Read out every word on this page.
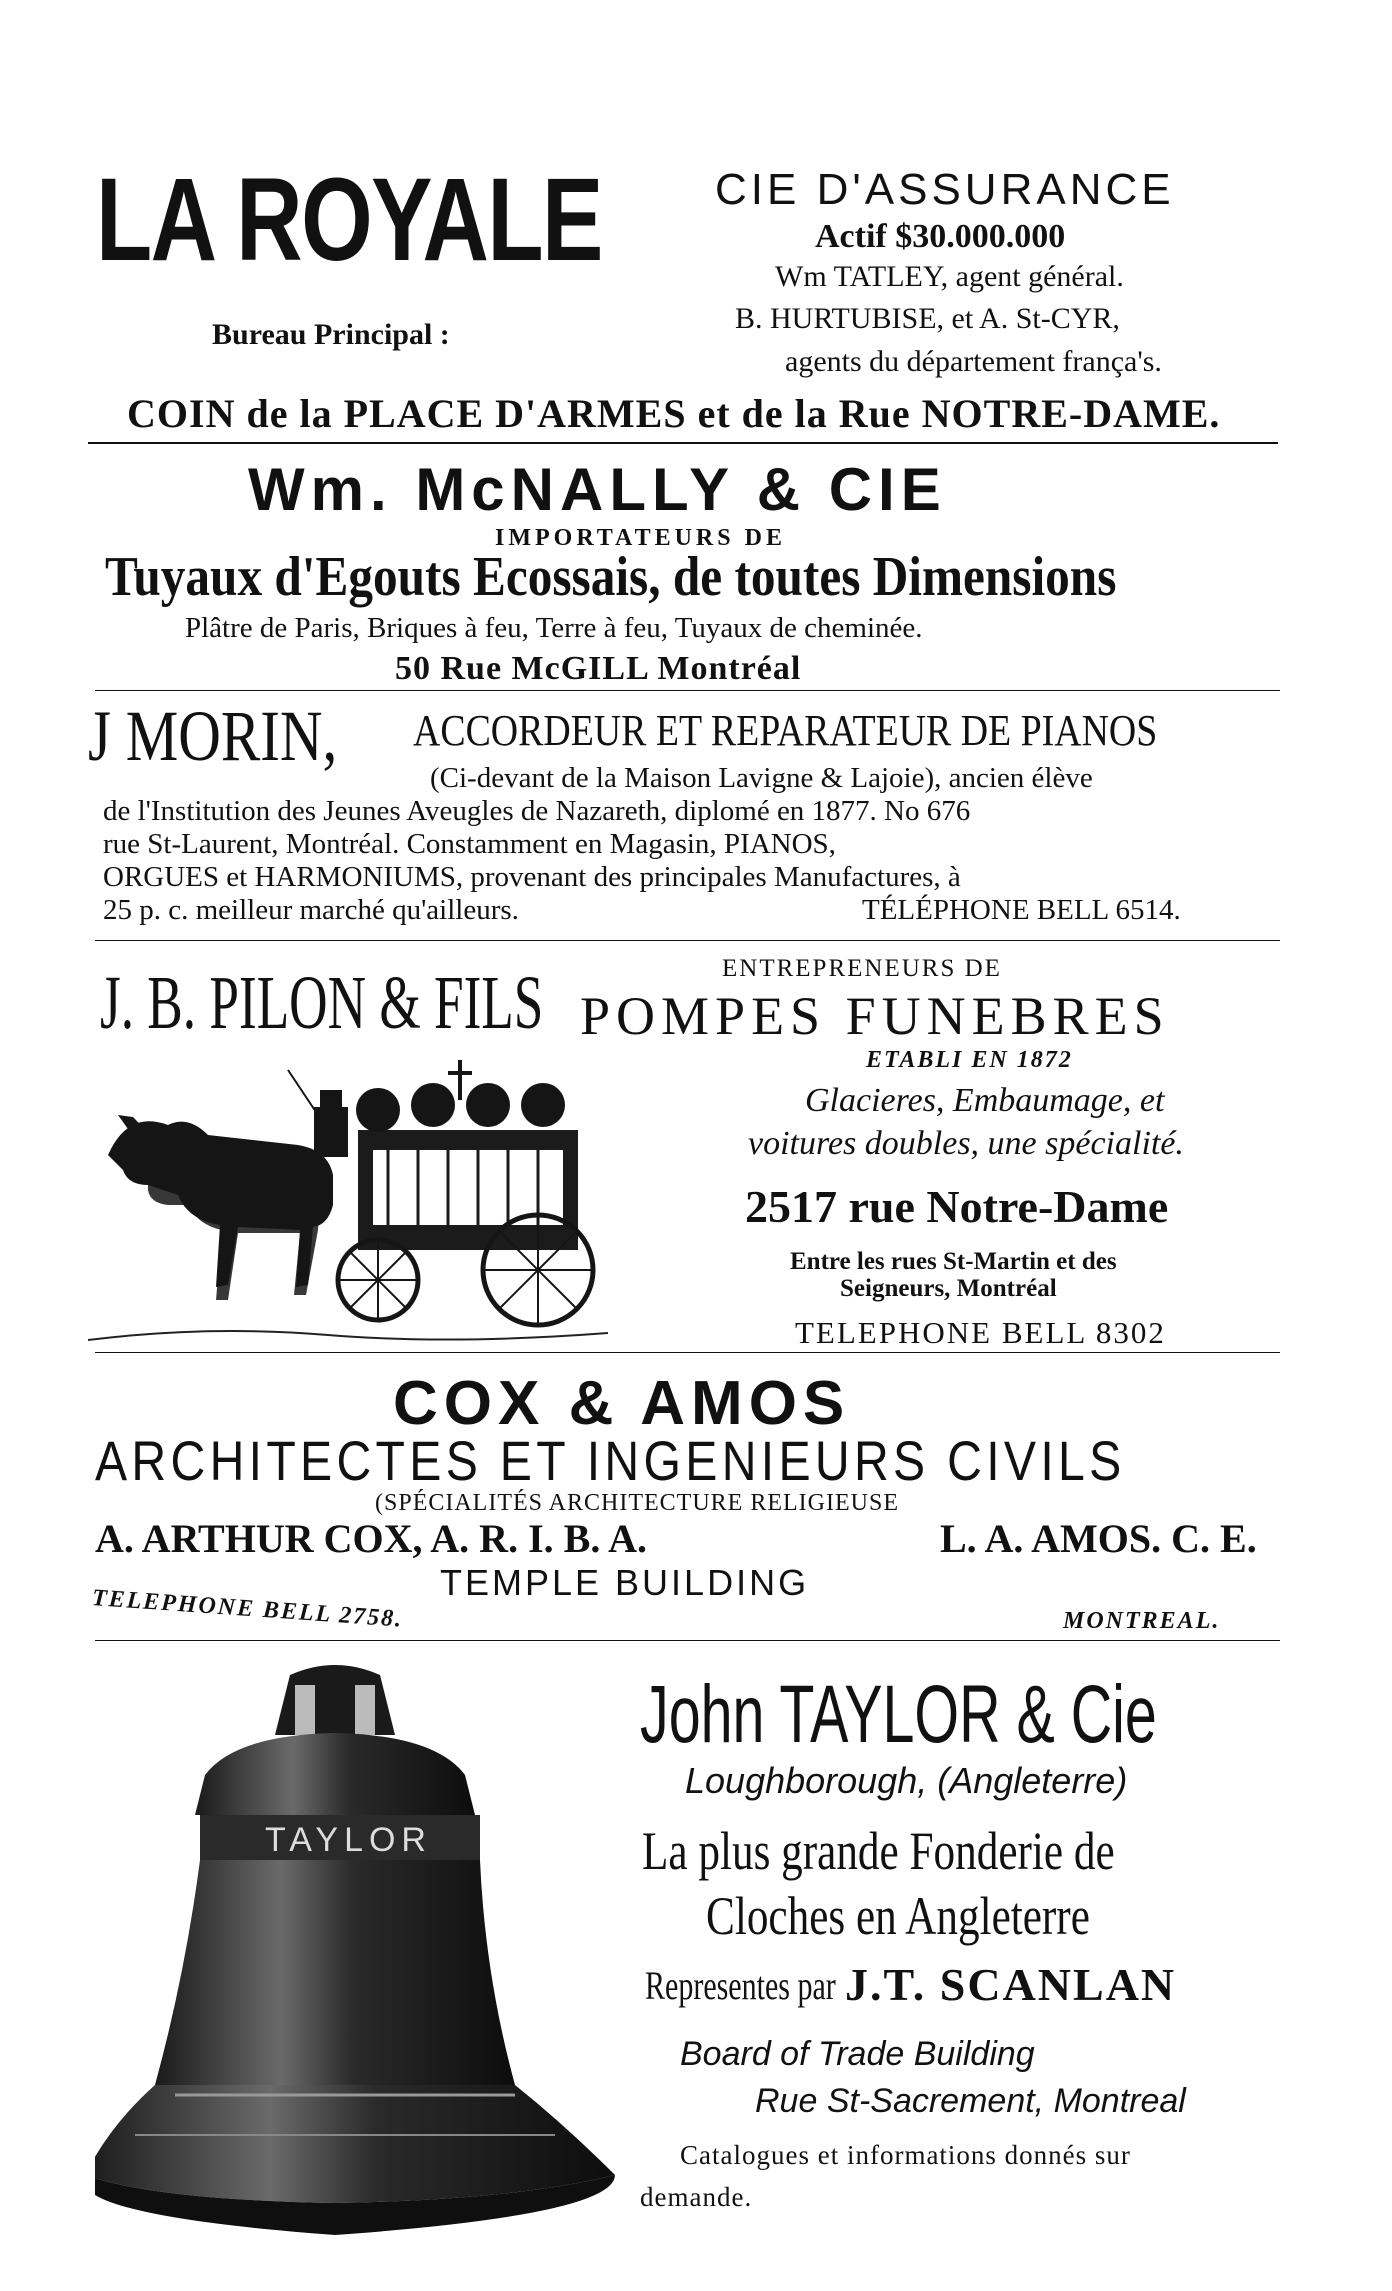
LA ROYALE	CIE D'ASSURANCE
Actif $30.000.000
Wm TATLEY, agent général.
Bureau Principal :	B. HURTUBISE, et A. St-CYR,
agents du département frança's.
COIN de la PLACE D'ARMES et de la Rue NOTRE-DAME.
Wm. McNALLY & CIE
IMPORTATEURS DE
Tuyaux d'Egouts Ecossais, de toutes Dimensions
Plâtre de Paris, Briques à feu, Terre à feu, Tuyaux de cheminée.
50 Rue McGILL Montréal
J MORIN, ACCORDEUR ET REPARATEUR DE PIANOS
(Ci-devant de la Maison Lavigne & Lajoie), ancien élève
de l'Institution des Jeunes Aveugles de Nazareth, diplomé en 1877. No 676
rue St-Laurent, Montréal. Constamment en Magasin, PIANOS,
ORGUES et HARMONIUMS, provenant des principales Manufactures, à
25 p. c. meilleur marché qu'ailleurs.	TÉLÉPHONE BELL 6514.
J. B. PILON & FILS	ENTREPRENEURS DE
POMPES FUNEBRES
ETABLI EN 1872
Glacieres, Embaumage, et
voitures doubles, une spécialité.
2517 rue Notre-Dame
Entre les rues St-Martin et des
Seigneurs, Montréal
TELEPHONE BELL 8302
COX & AMOS
ARCHITECTES ET INGENIEURS CIVILS
(SPÉCIALITÉS ARCHITECTURE RELIGIEUSE
A. ARTHUR COX, A. R. I. B. A.	L. A. AMOS. C. E.
TEMPLE BUILDING
TELEPHONE BELL 2758.	MONTREAL.
TAYLOR
John TAYLOR & Cie
Loughborough, (Angleterre)
La plus grande Fonderie de
Cloches en Angleterre
Representes par J.T. SCANLAN
Board of Trade Building
Rue St-Sacrement, Montreal
Catalogues et informations donnés sur
demande.
